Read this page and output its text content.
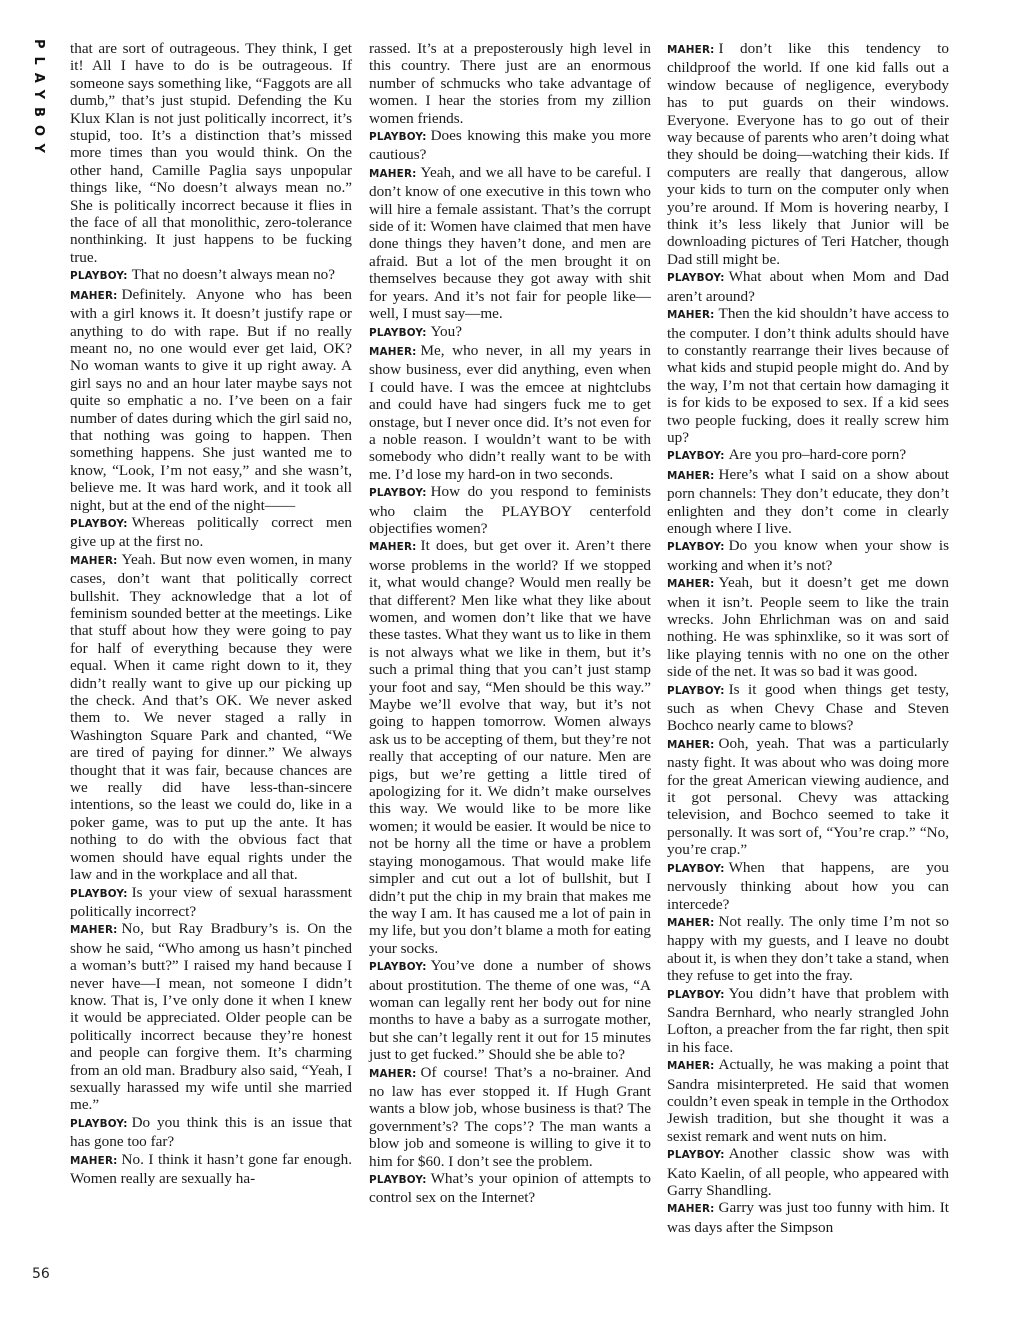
PLAYBOY that are sort of outrageous. They think, I get it! All I have to do is be outrageous. If someone says something like, “Faggots are all dumb,” that’s just stupid. Defending the Ku Klux Klan is not just politically incorrect, it’s stupid, too. It’s a distinction that’s missed more times than you would think. On the other hand, Camille Paglia says unpopular things like, “No doesn’t always mean no.” She is politically incorrect because it flies in the face of all that monolithic, zero-tolerance nonthinking. It just happens to be fucking true.

PLAYBOY: That no doesn’t always mean no?

MAHER: Definitely. Anyone who has been with a girl knows it. It doesn’t justify rape or anything to do with rape. But if no really meant no, no one would ever get laid, OK? No woman wants to give it up right away. A girl says no and an hour later maybe says not quite so emphatic a no. I’ve been on a fair number of dates during which the girl said no, that nothing was going to happen. Then something happens. She just wanted me to know, “Look, I’m not easy,” and she wasn’t, believe me. It was hard work, and it took all night, but at the end of the night——

PLAYBOY: Whereas politically correct men give up at the first no.

MAHER: Yeah. But now even women, in many cases, don’t want that politically correct bullshit. They acknowledge that a lot of feminism sounded better at the meetings. Like that stuff about how they were going to pay for half of everything because they were equal. When it came right down to it, they didn’t really want to give up our picking up the check. And that’s OK. We never asked them to. We never staged a rally in Washington Square Park and chanted, “We are tired of paying for dinner.” We always thought that it was fair, because chances are we really did have less-than-sincere intentions, so the least we could do, like in a poker game, was to put up the ante. It has nothing to do with the obvious fact that women should have equal rights under the law and in the workplace and all that.

PLAYBOY: Is your view of sexual harassment politically incorrect?

MAHER: No, but Ray Bradbury’s is. On the show he said, “Who among us hasn’t pinched a woman’s butt?” I raised my hand because I never have—I mean, not someone I didn’t know. That is, I’ve only done it when I knew it would be appreciated. Older people can be politically incorrect because they’re honest and people can forgive them. It’s charming from an old man. Bradbury also said, “Yeah, I sexually harassed my wife until she married me.”

PLAYBOY: Do you think this is an issue that has gone too far?

MAHER: No. I think it hasn’t gone far enough. Women really are sexually ha-

rassed. It’s at a preposterously high level in this country. There just are an enormous number of schmucks who take advantage of women. I hear the stories from my zillion women friends.

PLAYBOY: Does knowing this make you more cautious?

MAHER: Yeah, and we all have to be careful. I don’t know of one executive in this town who will hire a female assistant. That’s the corrupt side of it: Women have claimed that men have done things they haven’t done, and men are afraid. But a lot of the men brought it on themselves because they got away with shit for years. And it’s not fair for people like—well, I must say—me.

PLAYBOY: You?

MAHER: Me, who never, in all my years in show business, ever did anything, even when I could have. I was the emcee at nightclubs and could have had singers fuck me to get onstage, but I never once did. It’s not even for a noble reason. I wouldn’t want to be with somebody who didn’t really want to be with me. I’d lose my hard-on in two seconds.

PLAYBOY: How do you respond to feminists who claim the PLAYBOY centerfold objectifies women?

MAHER: It does, but get over it. Aren’t there worse problems in the world? If we stopped it, what would change? Would men really be that different? Men like what they like about women, and women don’t like that we have these tastes. What they want us to like in them is not always what we like in them, but it’s such a primal thing that you can’t just stamp your foot and say, “Men should be this way.” Maybe we’ll evolve that way, but it’s not going to happen tomorrow. Women always ask us to be accepting of them, but they’re not really that accepting of our nature. Men are pigs, but we’re getting a little tired of apologizing for it. We didn’t make ourselves this way. We would like to be more like women; it would be easier. It would be nice to not be horny all the time or have a problem staying monogamous. That would make life simpler and cut out a lot of bullshit, but I didn’t put the chip in my brain that makes me the way I am. It has caused me a lot of pain in my life, but you don’t blame a moth for eating your socks.

PLAYBOY: You’ve done a number of shows about prostitution. The theme of one was, “A woman can legally rent her body out for nine months to have a baby as a surrogate mother, but she can’t legally rent it out for 15 minutes just to get fucked.” Should she be able to?

MAHER: Of course! That’s a no-brainer. And no law has ever stopped it. If Hugh Grant wants a blow job, whose business is that? The government’s? The cops’? The man wants a blow job and someone is willing to give it to him for $60. I don’t see the problem.

PLAYBOY: What’s your opinion of attempts to control sex on the Internet?

MAHER: I don’t like this tendency to childproof the world. If one kid falls out a window because of negligence, everybody has to put guards on their windows. Everyone. Everyone has to go out of their way because of parents who aren’t doing what they should be doing—watching their kids. If computers are really that dangerous, allow your kids to turn on the computer only when you’re around. If Mom is hovering nearby, I think it’s less likely that Junior will be downloading pictures of Teri Hatcher, though Dad still might be.

PLAYBOY: What about when Mom and Dad aren’t around?

MAHER: Then the kid shouldn’t have access to the computer. I don’t think adults should have to constantly rearrange their lives because of what kids and stupid people might do. And by the way, I’m not that certain how damaging it is for kids to be exposed to sex. If a kid sees two people fucking, does it really screw him up?

PLAYBOY: Are you pro–hard-core porn?

MAHER: Here’s what I said on a show about porn channels: They don’t educate, they don’t enlighten and they don’t come in clearly enough where I live.

PLAYBOY: Do you know when your show is working and when it’s not?

MAHER: Yeah, but it doesn’t get me down when it isn’t. People seem to like the train wrecks. John Ehrlichman was on and said nothing. He was sphinxlike, so it was sort of like playing tennis with no one on the other side of the net. It was so bad it was good.

PLAYBOY: Is it good when things get testy, such as when Chevy Chase and Steven Bochco nearly came to blows?

MAHER: Ooh, yeah. That was a particularly nasty fight. It was about who was doing more for the great American viewing audience, and it got personal. Chevy was attacking television, and Bochco seemed to take it personally. It was sort of, “You’re crap.” “No, you’re crap.”

PLAYBOY: When that happens, are you nervously thinking about how you can intercede?

MAHER: Not really. The only time I’m not so happy with my guests, and I leave no doubt about it, is when they don’t take a stand, when they refuse to get into the fray.

PLAYBOY: You didn’t have that problem with Sandra Bernhard, who nearly strangled John Lofton, a preacher from the far right, then spit in his face.

MAHER: Actually, he was making a point that Sandra misinterpreted. He said that women couldn’t even speak in temple in the Orthodox Jewish tradition, but she thought it was a sexist remark and went nuts on him.

PLAYBOY: Another classic show was with Kato Kaelin, of all people, who appeared with Garry Shandling.

MAHER: Garry was just too funny with him. It was days after the Simpson

56
